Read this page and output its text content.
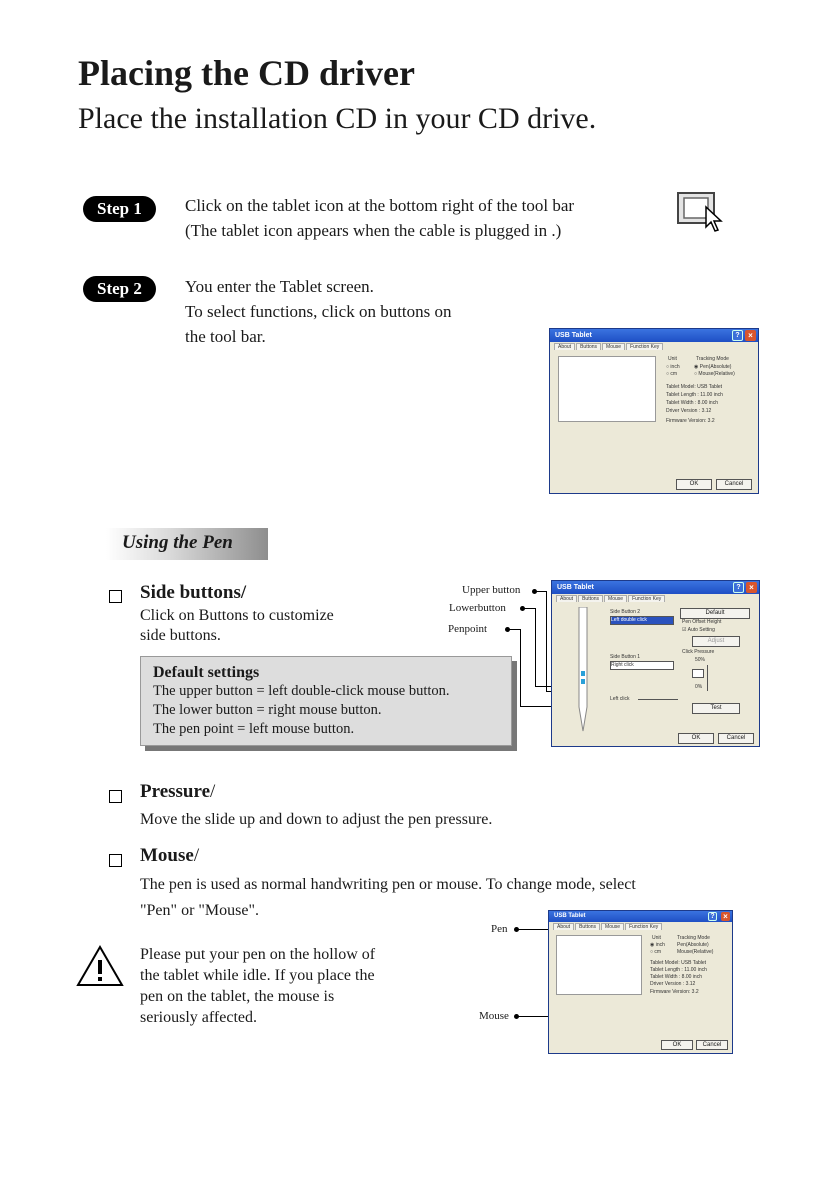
Placing the CD driver
Place the installation CD in your CD drive.
Step 1	Click on the tablet icon at the bottom right of the tool bar
(The tablet icon appears when the cable is plugged in .)
Step 2	You enter the Tablet screen.
To select functions, click on buttons on
the tool bar.	USB Tablet	?	×
About Buttons Mouse Function Key
Unit
○ inch
○ cm
Tracking Mode
◉ Pen(Absolute)
○ Mouse(Relative)
Tablet Model: USB Tablet
Tablet Length : 11.00 inch
Tablet Width : 8.00 inch
Driver Version : 3.12
Firmware Version: 3.2
OK	Cancel
Using the Pen
Side buttons/
Click on Buttons to customize
side buttons.
Default settings
The upper button = left double-click mouse button.
The lower button = right mouse button.
The pen point = left mouse button.
Upper button
Lowerbutton
Penpoint
USB Tablet	?	×
About Buttons Mouse Function Key
Side Button 2
Left double click
Side Button 1
Right click
Left click
Default
Pen Offset Height
☑ Auto Setting
Adjust
Click Pressure
50%
0%
Test
OK	Cancel
Pressure/
Move the slide up and down to adjust the pen pressure.
Mouse/
The pen is used as normal handwriting pen or mouse. To change mode, select
"Pen" or "Mouse".
Please put your pen on the hollow of
the tablet while idle. If you place the
pen on the tablet, the mouse is
seriously affected.
Pen
Mouse
USB Tablet	? ×
About Buttons Mouse Function Key
Unit
◉ inch
○ cm
Tracking Mode
Pen(Absolute)
Mouse(Relative)
Tablet Model: USB Tablet
Tablet Length : 11.00 inch
Tablet Width : 8.00 inch
Driver Version : 3.12
Firmware Version: 3.2
OK	Cancel
